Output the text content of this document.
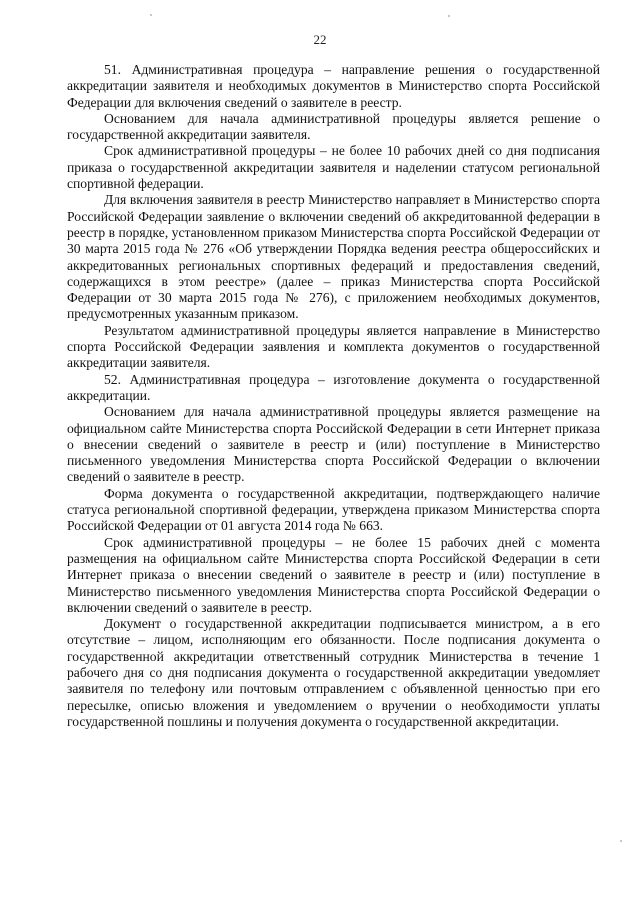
22

51. Административная процедура – направление решения о государственной аккредитации заявителя и необходимых документов в Министерство спорта Российской Федерации для включения сведений о заявителе в реестр.

Основанием для начала административной процедуры является решение о государственной аккредитации заявителя.

Срок административной процедуры – не более 10 рабочих дней со дня подписания приказа о государственной аккредитации заявителя и наделении статусом региональной спортивной федерации.

Для включения заявителя в реестр Министерство направляет в Министерство спорта Российской Федерации заявление о включении сведений об аккредитованной федерации в реестр в порядке, установленном приказом Министерства спорта Российской Федерации от 30 марта 2015 года № 276 «Об утверждении Порядка ведения реестра общероссийских и аккредитованных региональных спортивных федераций и предоставления сведений, содержащихся в этом реестре» (далее – приказ Министерства спорта Российской Федерации от 30 марта 2015 года № 276), с приложением необходимых документов, предусмотренных указанным приказом.

Результатом административной процедуры является направление в Министерство спорта Российской Федерации заявления и комплекта документов о государственной аккредитации заявителя.

52. Административная процедура – изготовление документа о государственной аккредитации.

Основанием для начала административной процедуры является размещение на официальном сайте Министерства спорта Российской Федерации в сети Интернет приказа о внесении сведений о заявителе в реестр и (или) поступление в Министерство письменного уведомления Министерства спорта Российской Федерации о включении сведений о заявителе в реестр.

Форма документа о государственной аккредитации, подтверждающего наличие статуса региональной спортивной федерации, утверждена приказом Министерства спорта Российской Федерации от 01 августа 2014 года № 663.

Срок административной процедуры – не более 15 рабочих дней с момента размещения на официальном сайте Министерства спорта Российской Федерации в сети Интернет приказа о внесении сведений о заявителе в реестр и (или) поступление в Министерство письменного уведомления Министерства спорта Российской Федерации о включении сведений о заявителе в реестр.

Документ о государственной аккредитации подписывается министром, а в его отсутствие – лицом, исполняющим его обязанности. После подписания документа о государственной аккредитации ответственный сотрудник Министерства в течение 1 рабочего дня со дня подписания документа о государственной аккредитации уведомляет заявителя по телефону или почтовым отправлением с объявленной ценностью при его пересылке, описью вложения и уведомлением о вручении о необходимости уплаты государственной пошлины и получения документа о государственной аккредитации.
